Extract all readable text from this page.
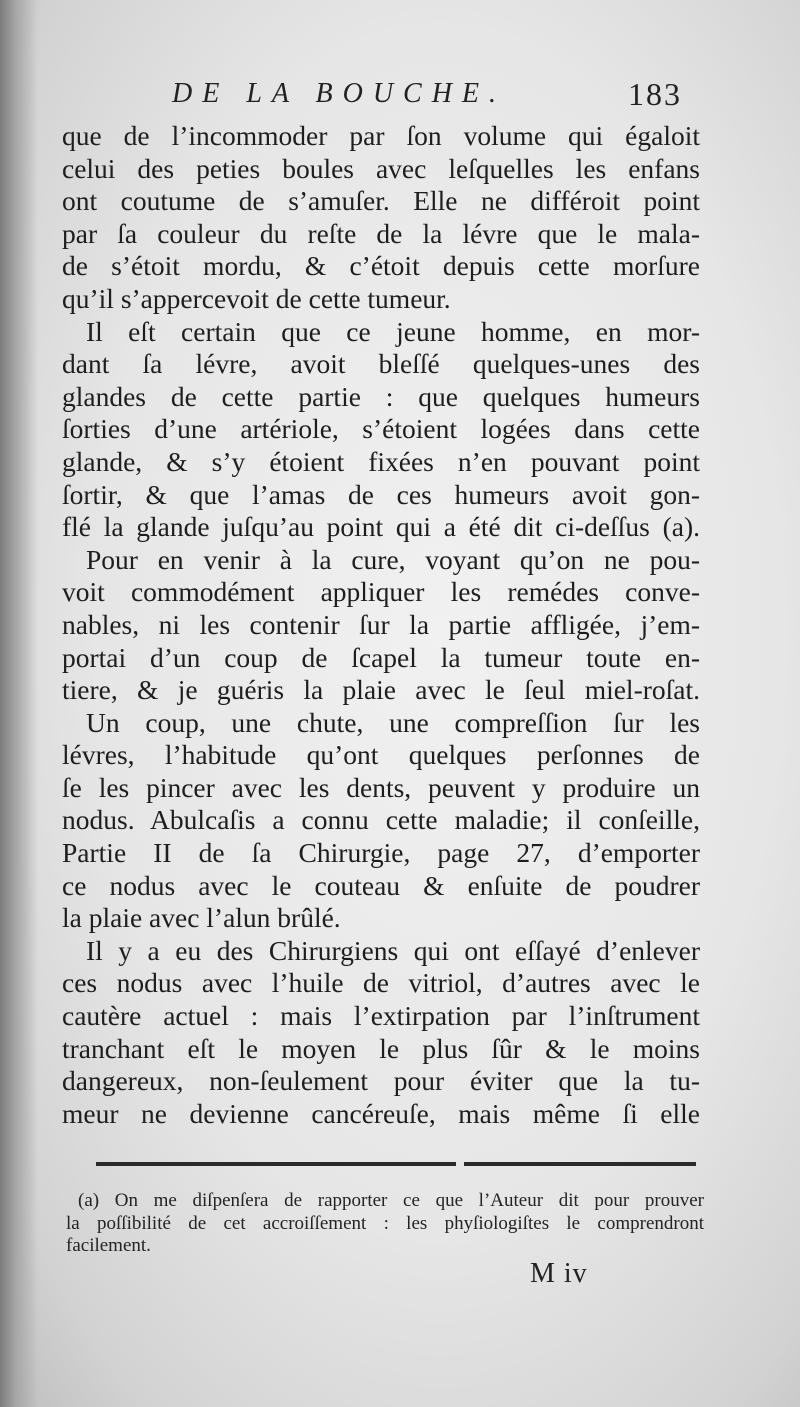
DE LA BOUCHE.	183
que de l’incommoder par ſon volume qui égaloit
celui des peties boules avec leſquelles les enfans
ont coutume de s’amuſer. Elle ne différoit point
par ſa couleur du reſte de la lévre que le mala-
de s’étoit mordu, & c’étoit depuis cette morſure
qu’il s’appercevoit de cette tumeur.
Il eſt certain que ce jeune homme, en mor-
dant ſa lévre, avoit bleſſé quelques-unes des
glandes de cette partie : que quelques humeurs
ſorties d’une artériole, s’étoient logées dans cette
glande, & s’y étoient fixées n’en pouvant point
ſortir, & que l’amas de ces humeurs avoit gon-
flé la glande juſqu’au point qui a été dit ci-deſſus (a).
Pour en venir à la cure, voyant qu’on ne pou-
voit commodément appliquer les remédes conve-
nables, ni les contenir ſur la partie affligée, j’em-
portai d’un coup de ſcapel la tumeur toute en-
tiere, & je guéris la plaie avec le ſeul miel-roſat.
Un coup, une chute, une compreſſion ſur les
lévres, l’habitude qu’ont quelques perſonnes de
ſe les pincer avec les dents, peuvent y produire un
nodus. Abulcaſis a connu cette maladie; il conſeille,
Partie II de ſa Chirurgie, page 27, d’emporter
ce nodus avec le couteau & enſuite de poudrer
la plaie avec l’alun brûlé.
Il y a eu des Chirurgiens qui ont eſſayé d’enlever
ces nodus avec l’huile de vitriol, d’autres avec le
cautère actuel : mais l’extirpation par l’inſtrument
tranchant eſt le moyen le plus ſûr & le moins
dangereux, non-ſeulement pour éviter que la tu-
meur ne devienne cancéreuſe, mais même ſi elle
(a) On me diſpenſera de rapporter ce que l’Auteur dit pour prouver
la poſſibilité de cet accroiſſement : les phyſiologiſtes le comprendront
facilement.
M iv
